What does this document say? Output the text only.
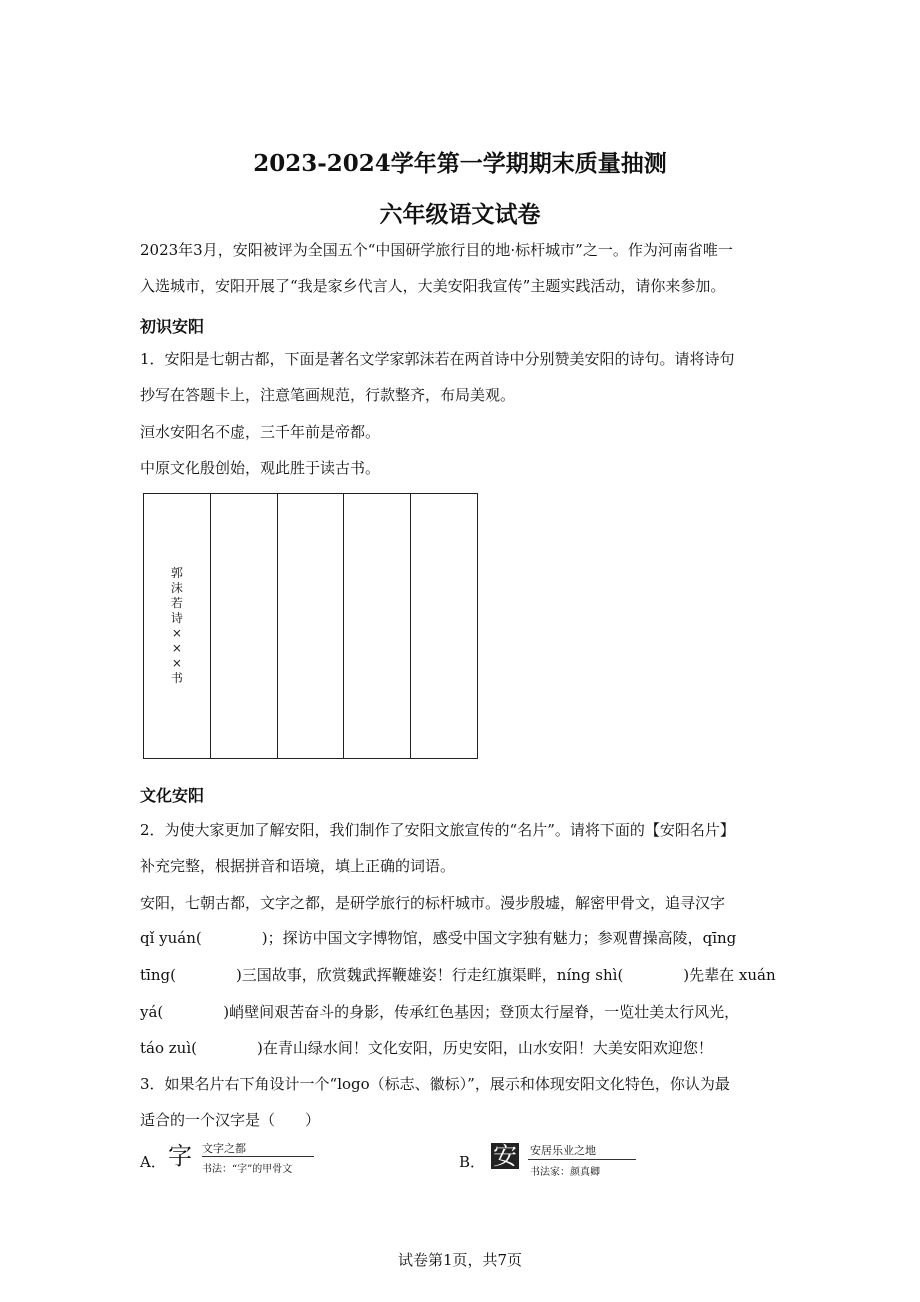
2023-2024学年第一学期期末质量抽测
六年级语文试卷
2023年3月，安阳被评为全国五个“中国研学旅行目的地·标杆城市”之一。作为河南省唯一
入选城市，安阳开展了“我是家乡代言人，大美安阳我宣传”主题实践活动，请你来参加。
初识安阳
1．安阳是七朝古都，下面是著名文学家郭沫若在两首诗中分别赞美安阳的诗句。请将诗句
抄写在答题卡上，注意笔画规范，行款整齐，布局美观。
洹水安阳名不虚，三千年前是帝都。
中原文化殷创始，观此胜于读古书。
郭沫若诗×××书
文化安阳
2．为使大家更加了解安阳，我们制作了安阳文旅宣传的“名片”。请将下面的【安阳名片】
补充完整，根据拼音和语境，填上正确的词语。
安阳，七朝古都，文字之都，是研学旅行的标杆城市。漫步殷墟，解密甲骨文，追寻汉字
qǐ yuán(　　　　)；探访中国文字博物馆，感受中国文字独有魅力；参观曹操高陵，qīng
tīng(　　　　)三国故事，欣赏魏武挥鞭雄姿！行走红旗渠畔，níng shì(　　　　)先辈在 xuán
yá(　　　　)峭壁间艰苦奋斗的身影，传承红色基因；登顶太行屋脊，一览壮美太行风光，
táo zuì(　　　　)在青山绿水间！文化安阳，历史安阳，山水安阳！大美安阳欢迎您！
3．如果名片右下角设计一个“logo（标志、徽标）”，展示和体现安阳文化特色，你认为最
适合的一个汉字是（　　）
A． 字 文字之都
书法：“字”的甲骨文	B． 安 安居乐业之地
书法家：颜真卿
试卷第1页，共7页
